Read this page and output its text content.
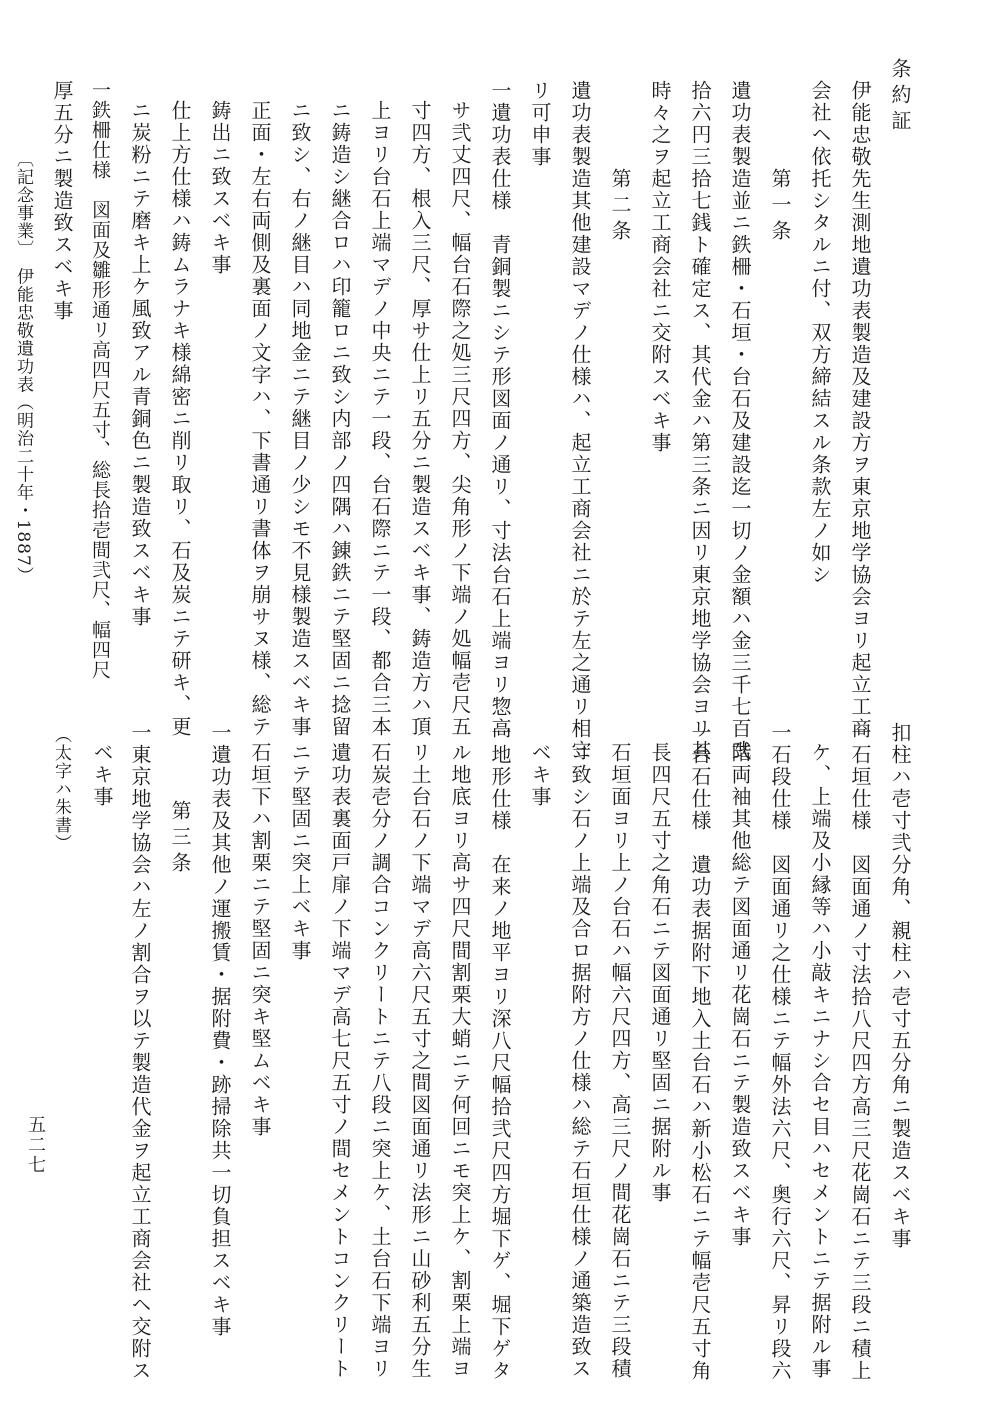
条約証
伊能忠敬先生測地遺功表製造及建設方ヲ東京地学協会ヨリ起立工商
会社ヘ依托シタルニ付、双方締結スル条款左ノ如シ
第一条
遺功表製造並ニ鉄柵・石垣・台石及建設迄一切ノ金額ハ金三千七百弐
拾六円三拾七銭ト確定ス、其代金ハ第三条ニ因リ東京地学協会ヨリ其
時々之ヲ起立工商会社ニ交附スベキ事
第二条
遺功表製造其他建設マデノ仕様ハ、起立工商会社ニ於テ左之通リ相守
リ可申事
一遺功表仕様　青銅製ニシテ形図面ノ通リ、寸法台石上端ヨリ惣高
サ弐丈四尺、幅台石際之処三尺四方、尖角形ノ下端ノ処幅壱尺五
寸四方、根入三尺、厚サ仕上リ五分ニ製造スベキ事、鋳造方ハ頂
上ヨリ台石上端マデノ中央ニテ一段、台石際ニテ一段、都合三本
ニ鋳造シ継合ロハ印籠ロニ致シ内部ノ四隅ハ錬鉄ニテ堅固ニ捻留
ニ致シ、右ノ継目ハ同地金ニテ継目ノ少シモ不見様製造スベキ事
正面・左右両側及裏面ノ文字ハ、下書通リ書体ヲ崩サヌ様、総テ
鋳出ニ致スベキ事
仕上方仕様ハ鋳ムラナキ様綿密ニ削リ取リ、石及炭ニテ研キ、更
ニ炭粉ニテ磨キ上ケ風致アル青銅色ニ製造致スベキ事
一鉄柵仕様　図面及雛形通リ高四尺五寸、総長拾壱間弐尺、幅四尺
厚五分ニ製造致スベキ事
〔記念事業〕　伊能忠敬遺功表（明治二十年・1887）
扣柱ハ壱寸弐分角、親柱ハ壱寸五分角ニ製造スベキ事
一石垣仕様　図面通ノ寸法拾八尺四方高三尺花崗石ニテ三段ニ積上
ケ、上端及小縁等ハ小敲キニナシ合セ目ハセメントニテ据附ル事
一石段仕様　図面通リ之仕様ニテ幅外法六尺、奥行六尺、昇リ段六
階両袖其他総テ図面通リ花崗石ニテ製造致スベキ事
一台石仕様　遺功表据附下地入土台石ハ新小松石ニテ幅壱尺五寸角
長四尺五寸之角石ニテ図面通リ堅固ニ据附ル事
石垣面ヨリ上ノ台石ハ幅六尺四方、高三尺ノ間花崗石ニテ三段積
ニ致シ石ノ上端及合ロ据附方ノ仕様ハ総テ石垣仕様ノ通築造致ス
ベキ事
一地形仕様　在来ノ地平ヨリ深八尺幅拾弐尺四方堀下ゲ、堀下ゲタ
ル地底ヨリ高サ四尺間割栗大蛸ニテ何回ニモ突上ケ、割栗上端ヨ
リ土台石ノ下端マデ高六尺五寸之間図面通リ法形ニ山砂利五分生
石炭壱分ノ調合コンクリートニテ八段ニ突上ケ、土台石下端ヨリ
遺功表裏面戸扉ノ下端マデ高七尺五寸ノ間セメントコンクリート
ニテ堅固ニ突上ベキ事
石垣下ハ割栗ニテ堅固ニ突キ堅ムベキ事
一遺功表及其他ノ運搬賃・据附費・跡掃除共一切負担スベキ事
第三条
一東京地学協会ハ左ノ割合ヲ以テ製造代金ヲ起立工商会社ヘ交附ス
ベキ事
（太字ハ朱書）
五二七
